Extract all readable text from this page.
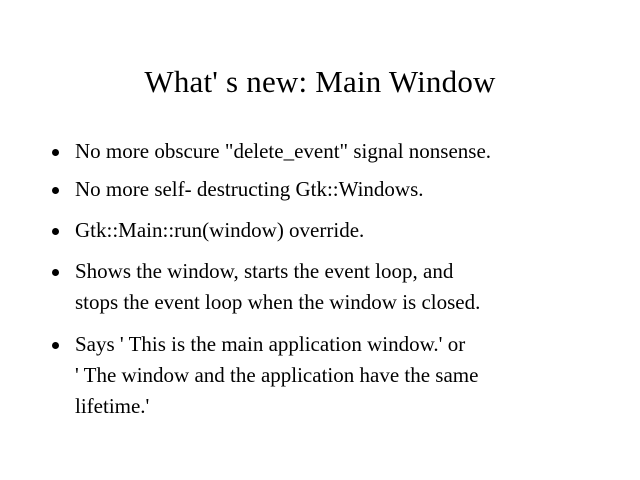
What' s new: Main Window
No more obscure "delete_event" signal nonsense.
No more self- destructing Gtk::Windows.
Gtk::Main::run(window) override.
Shows the window, starts the event loop, and
stops the event loop when the window is closed.
Says ' This is the main application window.' or
' The window and the application have the same
lifetime.'
